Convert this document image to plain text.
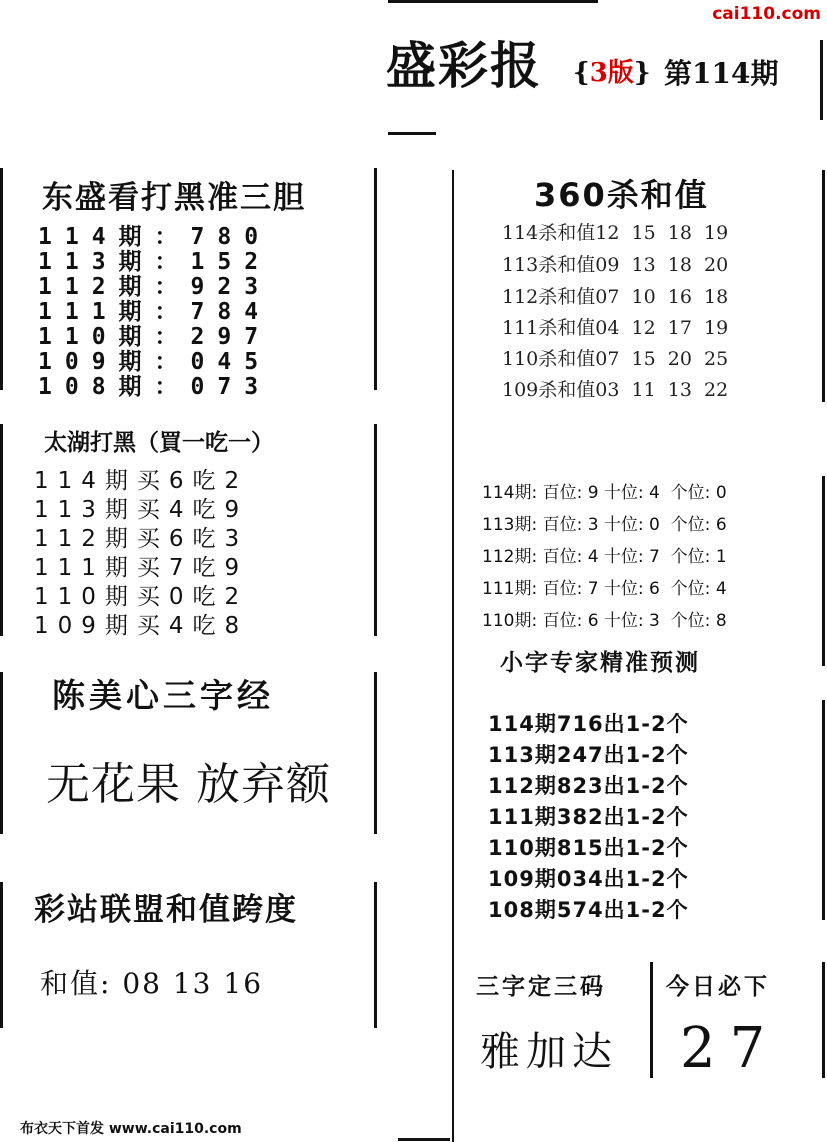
cai110.com
盛彩报 {3版} 第114期
东盛看打黑准三胆
114期：780
113期：152
112期：923
111期：784
110期：297
109期：045
108期：073
太湖打黑（買一吃一）
114期买6吃2
113期买4吃9
112期买6吃3
111期买7吃9
110期买0吃2
109期买4吃8
陈美心三字经
无花果 放弃额
彩站联盟和值跨度
和值: 08 13 16
布衣天下首发 www.cai110.com
360杀和值
114杀和值12  15  18  19
113杀和值09  13  18  20
112杀和值07  10  16  18
111杀和值04  12  17  19
110杀和值07  15  20  25
109杀和值03  11  13  22
114期: 百位: 9 十位: 4  个位: 0
113期: 百位: 3 十位: 0  个位: 6
112期: 百位: 4 十位: 7  个位: 1
111期: 百位: 7 十位: 6  个位: 4
110期: 百位: 6 十位: 3  个位: 8
小字专家精准预测
114期716出1-2个
113期247出1-2个
112期823出1-2个
111期382出1-2个
110期815出1-2个
109期034出1-2个
108期574出1-2个
三字定三码	今日必下
雅加达 27
